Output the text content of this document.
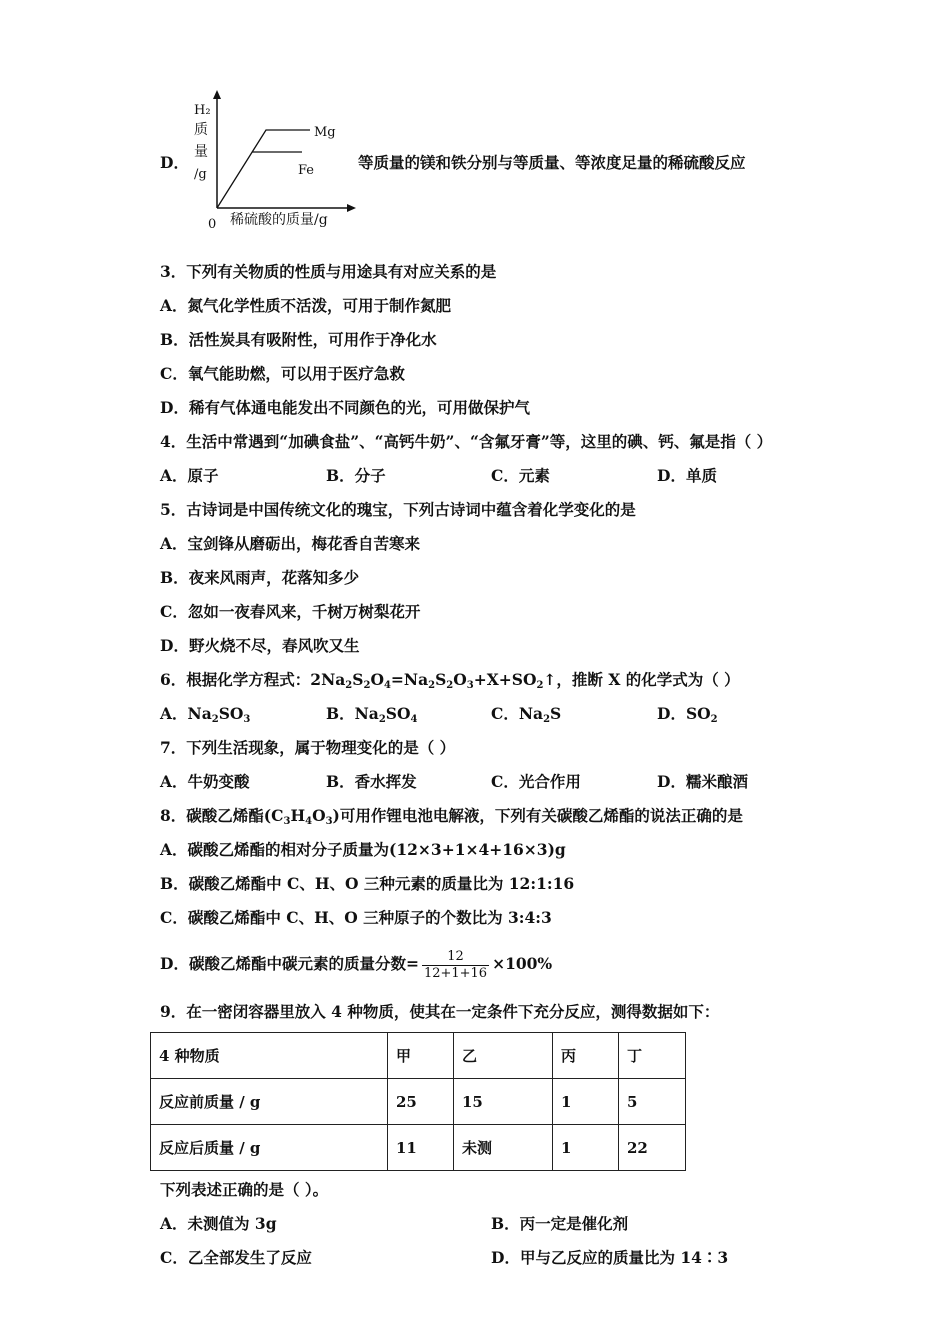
D．
H₂
质
量
/g
0 稀硫酸的质量/g
Mg
Fe	等质量的镁和铁分别与等质量、等浓度足量的稀硫酸反应
3．下列有关物质的性质与用途具有对应关系的是
A．氮气化学性质不活泼，可用于制作氮肥
B．活性炭具有吸附性，可用作于净化水
C．氧气能助燃，可以用于医疗急救
D．稀有气体通电能发出不同颜色的光，可用做保护气
4．生活中常遇到“加碘食盐”、“高钙牛奶”、“含氟牙膏”等，这里的碘、钙、氟是指（ ）
A．原子	B．分子	C．元素	D．单质
5．古诗词是中国传统文化的瑰宝，下列古诗词中蕴含着化学变化的是
A．宝剑锋从磨砺出，梅花香自苦寒来
B．夜来风雨声，花落知多少
C．忽如一夜春风来，千树万树梨花开
D．野火烧不尽，春风吹又生
6．根据化学方程式：$2Na_2S_2O_4=Na_2S_2O_3+X+SO_2↑$，推断 X 的化学式为（ ）
A．$Na_2SO_3$	B．$Na_2SO_4$	C．$Na_2S$	D．$SO_2$
7．下列生活现象，属于物理变化的是（ ）
A．牛奶变酸	B．香水挥发	C．光合作用	D．糯米酿酒
8．碳酸乙烯酯$(C_3H_4O_3)$可用作锂电池电解液，下列有关碳酸乙烯酯的说法正确的是
A．碳酸乙烯酯的相对分子质量为(12×3+1×4+16×3)g
B．碳酸乙烯酯中 C、H、O 三种元素的质量比为 12:1:16
C．碳酸乙烯酯中 C、H、O 三种原子的个数比为 3:4:3
D．碳酸乙烯酯中碳元素的质量分数= $\frac{12}{12+1+16} \times 100\%$
9．在一密闭容器里放入 4 种物质，使其在一定条件下充分反应，测得数据如下：
4 种物质	甲	乙	丙	丁
反应前质量 / g	25	15	1	5
反应后质量 / g	11	未测	1	22
下列表述正确的是（ ）。
A．未测值为 3g	B．丙一定是催化剂
C．乙全部发生了反应	D．甲与乙反应的质量比为 14∶3
